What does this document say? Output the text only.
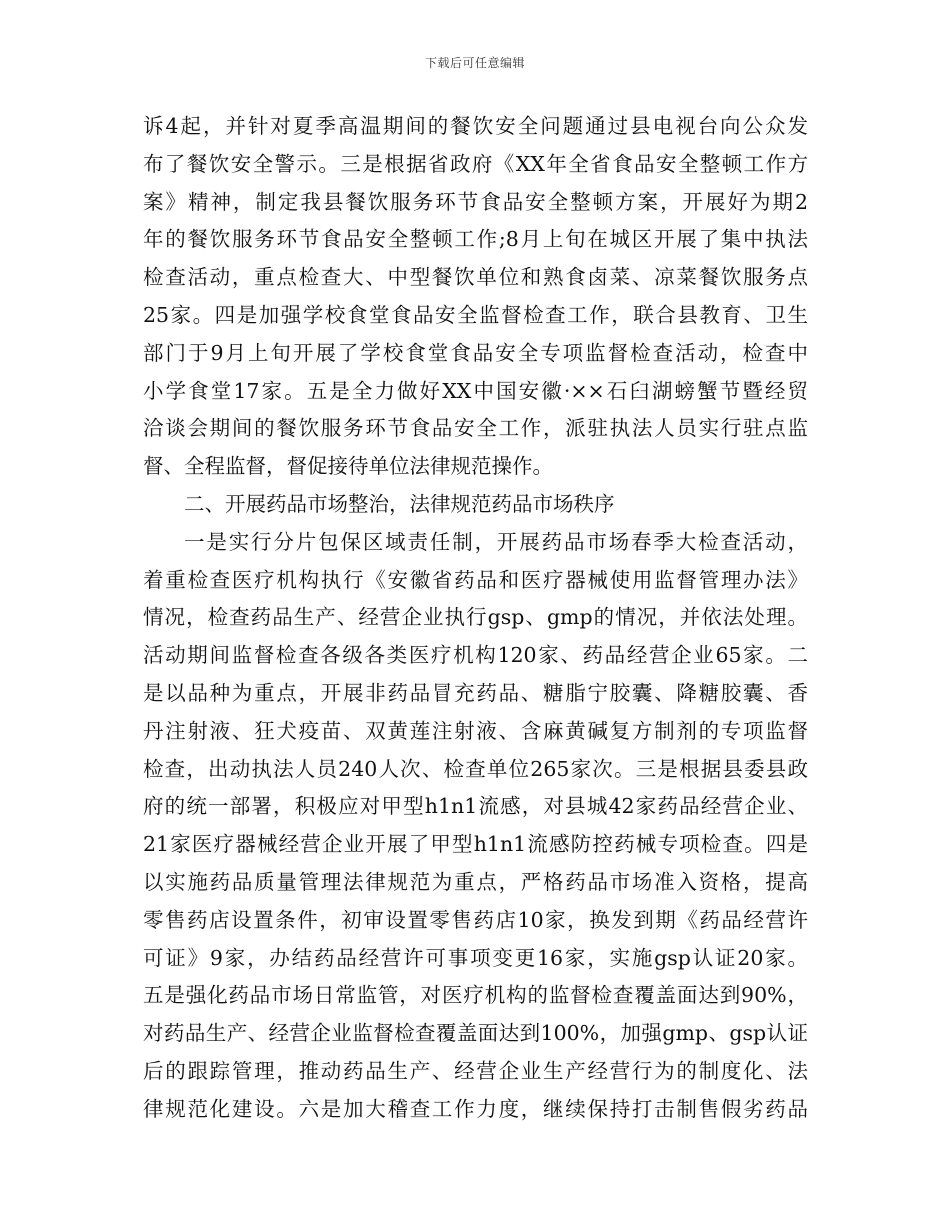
下载后可任意编辑
诉4起，并针对夏季高温期间的餐饮安全问题通过县电视台向公众发
布了餐饮安全警示。三是根据省政府《XX年全省食品安全整顿工作方
案》精神，制定我县餐饮服务环节食品安全整顿方案，开展好为期2
年的餐饮服务环节食品安全整顿工作;8月上旬在城区开展了集中执法
检查活动，重点检查大、中型餐饮单位和熟食卤菜、凉菜餐饮服务点
25家。四是加强学校食堂食品安全监督检查工作，联合县教育、卫生
部门于9月上旬开展了学校食堂食品安全专项监督检查活动，检查中
小学食堂17家。五是全力做好XX中国安徽·××石臼湖螃蟹节暨经贸
洽谈会期间的餐饮服务环节食品安全工作，派驻执法人员实行驻点监
督、全程监督，督促接待单位法律规范操作。
二、开展药品市场整治，法律规范药品市场秩序
一是实行分片包保区域责任制，开展药品市场春季大检查活动，
着重检查医疗机构执行《安徽省药品和医疗器械使用监督管理办法》
情况，检查药品生产、经营企业执行gsp、gmp的情况，并依法处理。
活动期间监督检查各级各类医疗机构120家、药品经营企业65家。二
是以品种为重点，开展非药品冒充药品、糖脂宁胶囊、降糖胶囊、香
丹注射液、狂犬疫苗、双黄莲注射液、含麻黄碱复方制剂的专项监督
检查，出动执法人员240人次、检查单位265家次。三是根据县委县政
府的统一部署，积极应对甲型h1n1流感，对县城42家药品经营企业、
21家医疗器械经营企业开展了甲型h1n1流感防控药械专项检查。四是
以实施药品质量管理法律规范为重点，严格药品市场准入资格，提高
零售药店设置条件，初审设置零售药店10家，换发到期《药品经营许
可证》9家，办结药品经营许可事项变更16家，实施gsp认证20家。
五是强化药品市场日常监管，对医疗机构的监督检查覆盖面达到90%，
对药品生产、经营企业监督检查覆盖面达到100%，加强gmp、gsp认证
后的跟踪管理，推动药品生产、经营企业生产经营行为的制度化、法
律规范化建设。六是加大稽查工作力度，继续保持打击制售假劣药品
